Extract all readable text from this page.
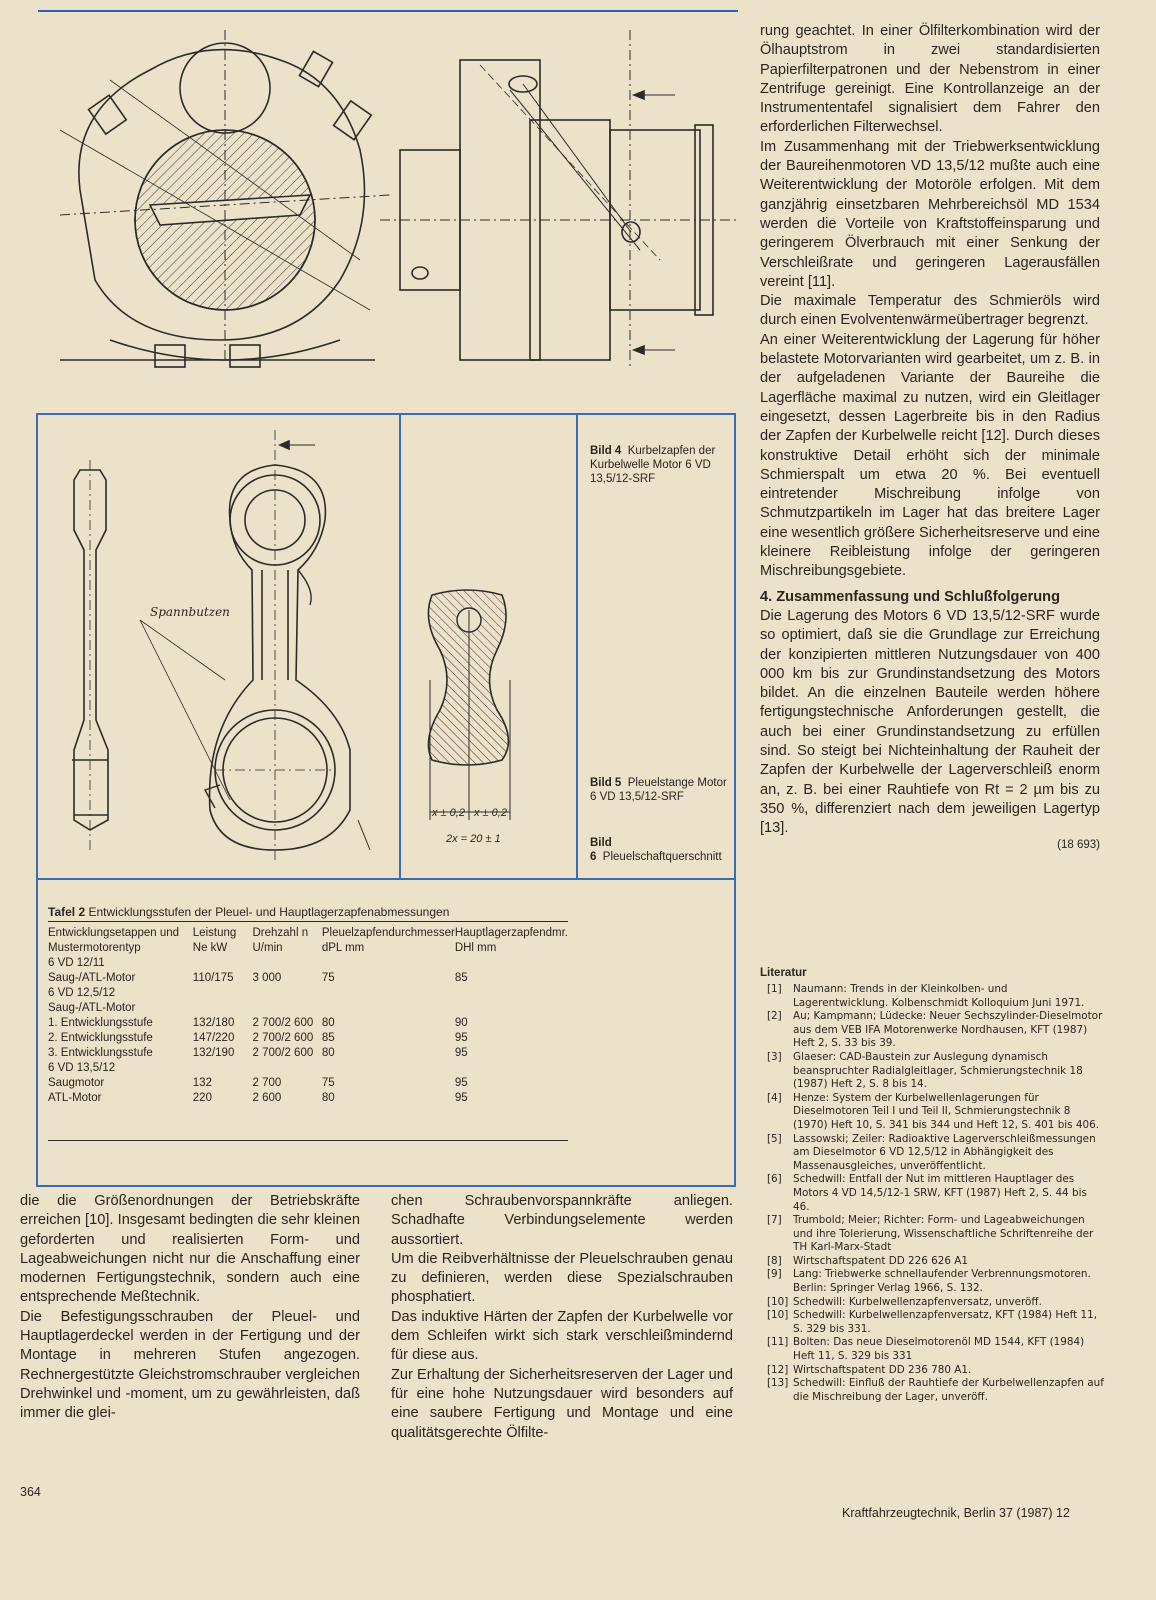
Spannbutzen
x ± 0,2 x ± 0,2
2x = 20 ± 1
Bild 4 Kurbelzapfen der Kurbelwelle Motor 6 VD 13,5/12-SRF
Bild 5 Pleuelstange Motor 6 VD 13,5/12-SRF
Bild 6 Pleuelschaftquerschnitt
Tafel 2 Entwicklungsstufen der Pleuel- und Hauptlagerzapfenabmessungen
Entwicklungsetappen und Mustermotorentyp	Leistung Ne kW	Drehzahl n U/min	Pleuelzapfendurchmesser dPL mm	Hauptlagerzapfendmr. DHl mm
6 VD 12/11				
Saug-/ATL-Motor	110/175	3 000	75	85
6 VD 12,5/12				
Saug-/ATL-Motor				
1. Entwicklungsstufe	132/180	2 700/2 600	80	90
2. Entwicklungsstufe	147/220	2 700/2 600	85	95
3. Entwicklungsstufe	132/190	2 700/2 600	80	95
6 VD 13,5/12				
Saugmotor	132	2 700	75	95
ATL-Motor	220	2 600	80	95

rung geachtet. In einer Ölfilterkombination wird der Ölhauptstrom in zwei standardisierten Papierfilterpatronen und der Nebenstrom in einer Zentrifuge gereinigt. Eine Kontrollanzeige an der Instrumententafel signalisiert dem Fahrer den erforderlichen Filterwechsel.

Im Zusammenhang mit der Triebwerksentwicklung der Baureihenmotoren VD 13,5/12 mußte auch eine Weiterentwicklung der Motoröle erfolgen. Mit dem ganzjährig einsetzbaren Mehrbereichsöl MD 1534 werden die Vorteile von Kraftstoffeinsparung und geringerem Ölverbrauch mit einer Senkung der Verschleißrate und geringeren Lagerausfällen vereint [11].

Die maximale Temperatur des Schmieröls wird durch einen Evolventenwärmeübertrager begrenzt.

An einer Weiterentwicklung der Lagerung für höher belastete Motorvarianten wird gearbeitet, um z. B. in der aufgeladenen Variante der Baureihe die Lagerfläche maximal zu nutzen, wird ein Gleitlager eingesetzt, dessen Lagerbreite bis in den Radius der Zapfen der Kurbelwelle reicht [12]. Durch dieses konstruktive Detail erhöht sich der minimale Schmierspalt um etwa 20 %. Bei eventuell eintretender Mischreibung infolge von Schmutzpartikeln im Lager hat das breitere Lager eine wesentlich größere Sicherheitsreserve und eine kleinere Reibleistung infolge der geringeren Mischreibungsgebiete.

4. Zusammenfassung und Schlußfolgerung

Die Lagerung des Motors 6 VD 13,5/12-SRF wurde so optimiert, daß sie die Grundlage zur Erreichung der konzipierten mittleren Nutzungsdauer von 400 000 km bis zur Grundinstandsetzung des Motors bildet. An die einzelnen Bauteile werden höhere fertigungstechnische Anforderungen gestellt, die auch bei einer Grundinstandsetzung zu erfüllen sind. So steigt bei Nichteinhaltung der Rauheit der Zapfen der Kurbelwelle der Lagerverschleiß enorm an, z. B. bei einer Rauhtiefe von Rt = 2 µm bis zu 350 %, differenziert nach dem jeweiligen Lagertyp [13].

(18 693)

Literatur
[1]	Naumann: Trends in der Kleinkolben- und Lagerentwicklung. Kolbenschmidt Kolloquium Juni 1971.
[2]	Au; Kampmann; Lüdecke: Neuer Sechszylinder-Dieselmotor aus dem VEB IFA Motorenwerke Nordhausen, KFT (1987) Heft 2, S. 33 bis 39.
[3]	Glaeser: CAD-Baustein zur Auslegung dynamisch beanspruchter Radialgleitlager, Schmierungstechnik 18 (1987) Heft 2, S. 8 bis 14.
[4]	Henze: System der Kurbelwellenlagerungen für Dieselmotoren Teil I und Teil II, Schmierungstechnik 8 (1970) Heft 10, S. 341 bis 344 und Heft 12, S. 401 bis 406.
[5]	Lassowski; Zeiler: Radioaktive Lagerverschleißmessungen am Dieselmotor 6 VD 12,5/12 in Abhängigkeit des Massenausgleiches, unveröffentlicht.
[6]	Schedwill: Entfall der Nut im mittleren Hauptlager des Motors 4 VD 14,5/12-1 SRW, KFT (1987) Heft 2, S. 44 bis 46.
[7]	Trumbold; Meier; Richter: Form- und Lageabweichungen und ihre Tolerierung, Wissenschaftliche Schriftenreihe der TH Karl-Marx-Stadt
[8]	Wirtschaftspatent DD 226 626 A1
[9]	Lang: Triebwerke schnellaufender Verbrennungsmotoren. Berlin: Springer Verlag 1966, S. 132.
[10] Schedwill: Kurbelwellenzapfenversatz, unveröff.
[10] Schedwill: Kurbelwellenzapfenversatz, KFT (1984) Heft 11, S. 329 bis 331.
[11] Bolten: Das neue Dieselmotorenöl MD 1544, KFT (1984) Heft 11, S. 329 bis 331
[12] Wirtschaftspatent DD 236 780 A1.
[13] Schedwill: Einfluß der Rauhtiefe der Kurbelwellenzapfen auf die Mischreibung der Lager, unveröff.

die die Größenordnungen der Betriebskräfte erreichen [10]. Insgesamt bedingten die sehr kleinen geforderten und realisierten Form- und Lageabweichungen nicht nur die Anschaffung einer modernen Fertigungstechnik, sondern auch eine entsprechende Meßtechnik.

Die Befestigungsschrauben der Pleuel- und Hauptlagerdeckel werden in der Fertigung und der Montage in mehreren Stufen angezogen. Rechnergestützte Gleichstromschrauber vergleichen Drehwinkel und -moment, um zu gewährleisten, daß immer die glei-

chen Schraubenvorspannkräfte anliegen. Schadhafte Verbindungselemente werden aussortiert.

Um die Reibverhältnisse der Pleuelschrauben genau zu definieren, werden diese Spezialschrauben phosphatiert.

Das induktive Härten der Zapfen der Kurbelwelle vor dem Schleifen wirkt sich stark verschleißmindernd für diese aus.

Zur Erhaltung der Sicherheitsreserven der Lager und für eine hohe Nutzungsdauer wird besonders auf eine saubere Fertigung und Montage und eine qualitätsgerechte Ölfilte-

364
Kraftfahrzeugtechnik, Berlin 37 (1987) 12
